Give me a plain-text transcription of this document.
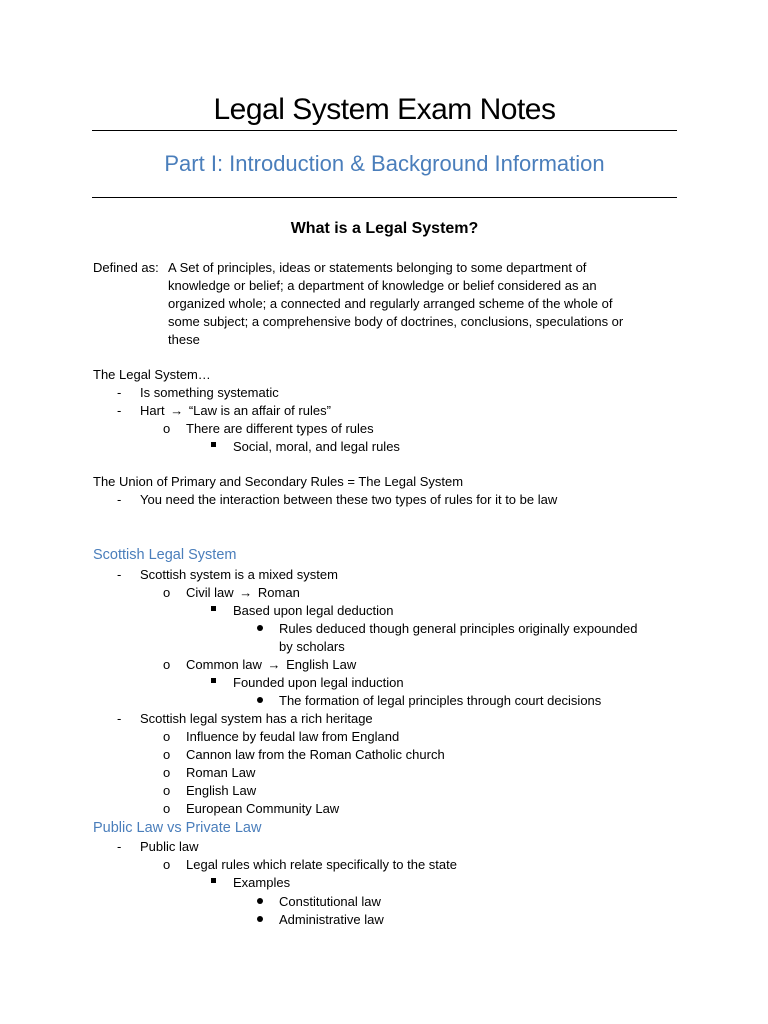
Legal System Exam Notes
Part I: Introduction & Background Information
What is a Legal System?
Defined as: A Set of principles, ideas or statements belonging to some department of
knowledge or belief; a department of knowledge or belief considered as an
organized whole; a connected and regularly arranged scheme of the whole of
some subject; a comprehensive body of doctrines, conclusions, speculations or
these
The Legal System…
- Is something systematic
- Hart → “Law is an affair of rules”
o There are different types of rules
Social, moral, and legal rules
The Union of Primary and Secondary Rules = The Legal System
- You need the interaction between these two types of rules for it to be law
Scottish Legal System
- Scottish system is a mixed system
o Civil law → Roman
Based upon legal deduction
Rules deduced though general principles originally expounded
by scholars
o Common law → English Law
Founded upon legal induction
The formation of legal principles through court decisions
- Scottish legal system has a rich heritage
o Influence by feudal law from England
o Cannon law from the Roman Catholic church
o Roman Law
o English Law
o European Community Law
Public Law vs Private Law
- Public law
o Legal rules which relate specifically to the state
Examples
Constitutional law
Administrative law
